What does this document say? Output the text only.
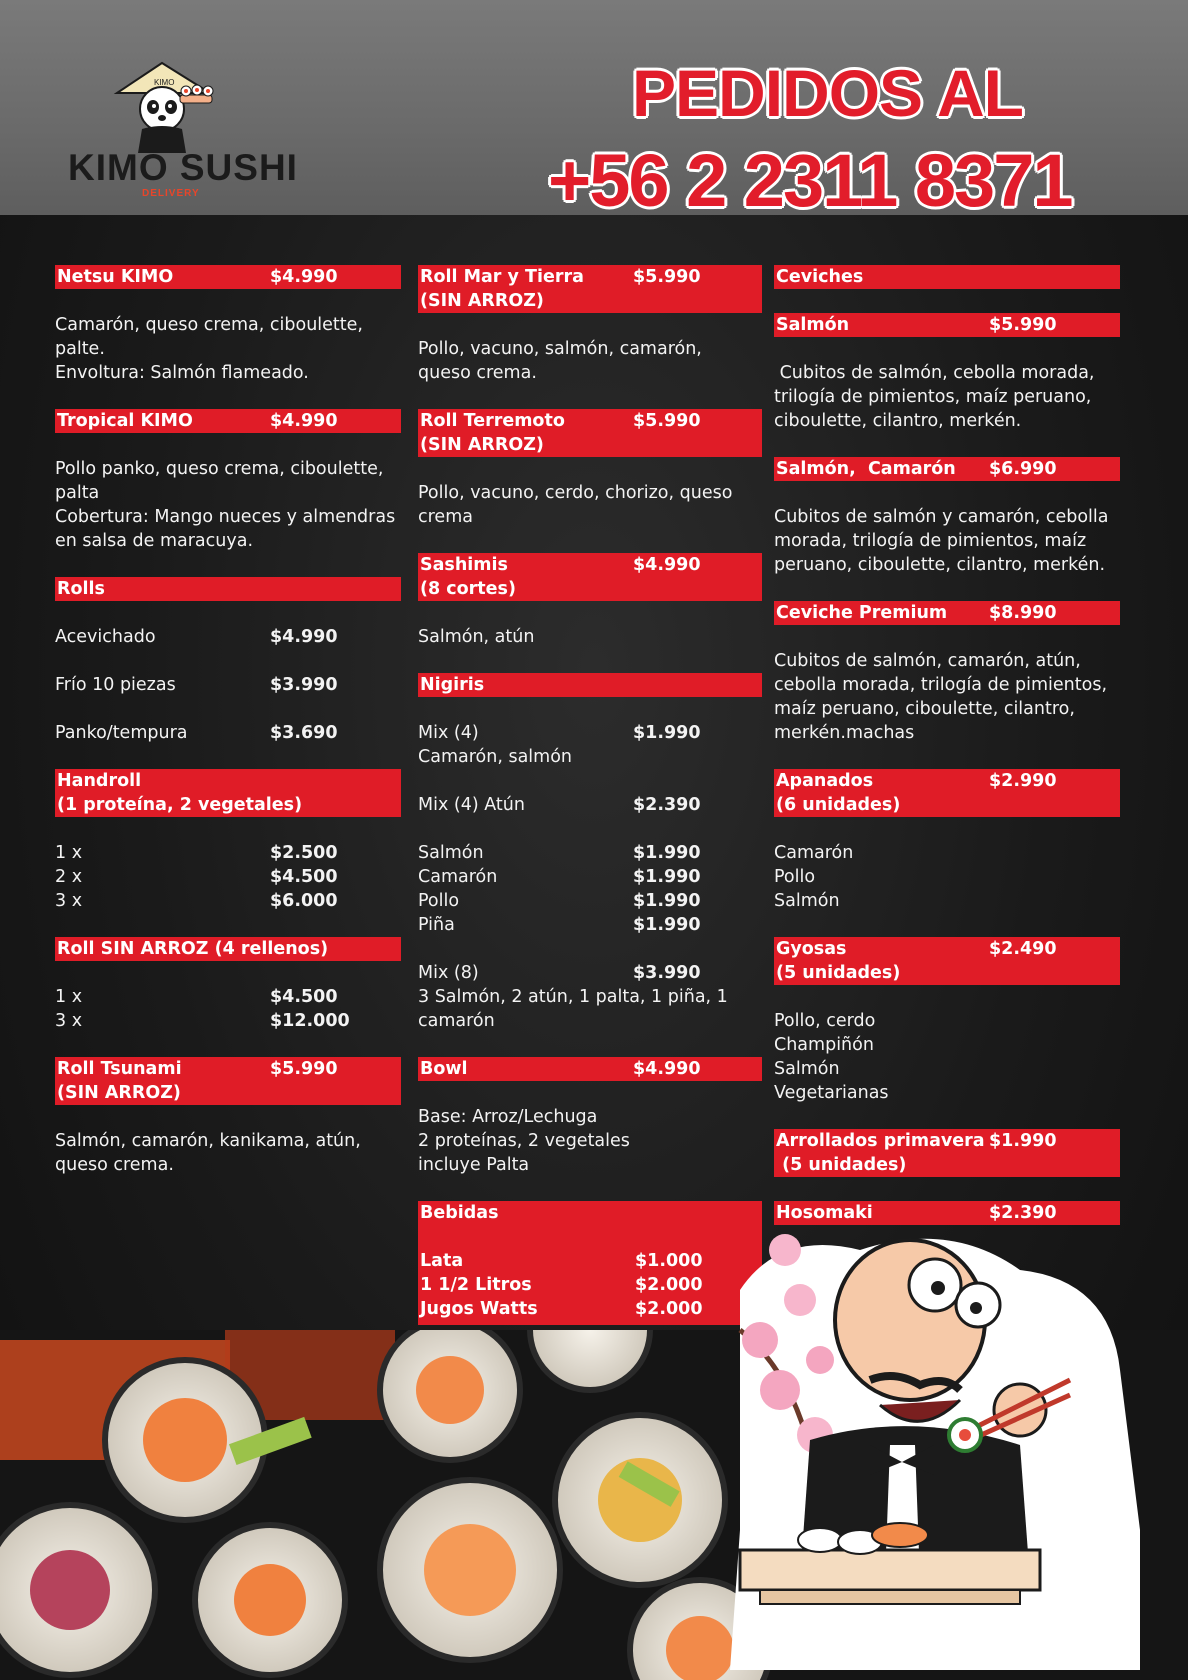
KIMO
KIMO SUSHI
DELIVERY
PEDIDOS AL
+56 2 2311 8371
Netsu KIMO	$4.990
Camarón, queso crema, ciboulette,
palte.
Envoltura: Salmón flameado.
Tropical KIMO	$4.990
Pollo panko, queso crema, ciboulette,
palta
Cobertura: Mango nueces y almendras
en salsa de maracuya.
Rolls
Acevichado	$4.990
Frío 10 piezas	$3.990
Panko/tempura	$3.690
Handroll
(1 proteína, 2 vegetales)
1 x	$2.500
2 x	$4.500
3 x	$6.000
Roll SIN ARROZ (4 rellenos)
1 x	$4.500
3 x	$12.000
Roll Tsunami
(SIN ARROZ)
$5.990
Salmón, camarón, kanikama, atún,
queso crema.
Roll Mar y Tierra
(SIN ARROZ)
$5.990
Pollo, vacuno, salmón, camarón,
queso crema.
Roll Terremoto
(SIN ARROZ)
$5.990
Pollo, vacuno, cerdo, chorizo, queso
crema
Sashimis
(8 cortes)
$4.990
Salmón, atún
Nigiris
Mix (4)	$1.990
Camarón, salmón
Mix (4) Atún	$2.390
Salmón	$1.990
Camarón	$1.990
Pollo	$1.990
Piña	$1.990
Mix (8)	$3.990
3 Salmón, 2 atún, 1 palta, 1 piña, 1
camarón
Bowl	$4.990
Base: Arroz/Lechuga
2 proteínas, 2 vegetales
incluye Palta
Bebidas
Lata	$1.000
1 1/2 Litros	$2.000
Jugos Watts	$2.000
Ceviches
Salmón	$5.990
Cubitos de salmón, cebolla morada,
trilogía de pimientos, maíz peruano,
ciboulette, cilantro, merkén.
Salmón,  Camarón $6.990
Cubitos de salmón y camarón, cebolla
morada, trilogía de pimientos, maíz
peruano, ciboulette, cilantro, merkén.
Ceviche Premium $8.990
Cubitos de salmón, camarón, atún,
cebolla morada, trilogía de pimientos,
maíz peruano, ciboulette, cilantro,
merkén.machas
Apanados
(6 unidades)
$2.990
Camarón
Pollo
Salmón
Gyosas
(5 unidades)
$2.490
Pollo, cerdo
Champiñón
Salmón
Vegetarianas
Arrollados primavera
(5 unidades)
$1.990
Hosomaki	$2.390
